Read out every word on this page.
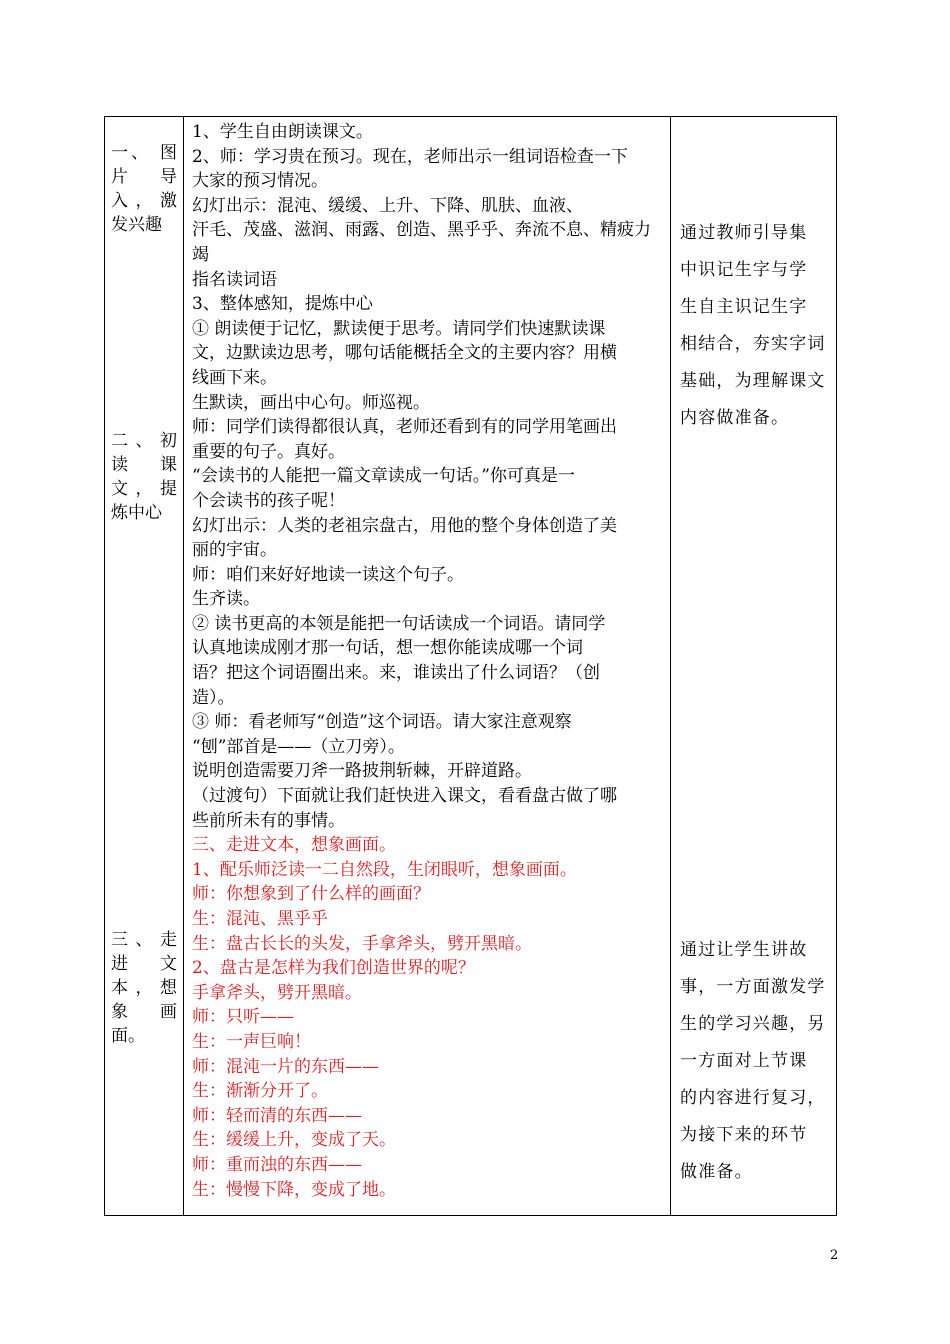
一、 图
片 导
入，激
发兴趣
二、初
读课
文，提
炼中心
三、走
进 文
本，想
象 画
面。
1、学生自由朗读课文。
2、师：学习贵在预习。现在，老师出示一组词语检查一下
大家的预习情况。
幻灯出示：混沌、缓缓、上升、下降、肌肤、血液、
汗毛、茂盛、滋润、雨露、创造、黑乎乎、奔流不息、精疲力
竭
指名读词语
3、整体感知，提炼中心
① 朗读便于记忆，默读便于思考。请同学们快速默读课
文，边默读边思考，哪句话能概括全文的主要内容？用横
线画下来。
生默读，画出中心句。师巡视。
师：同学们读得都很认真，老师还看到有的同学用笔画出
重要的句子。真好。
“会读书的人能把一篇文章读成一句话。”你可真是一
个会读书的孩子呢！
幻灯出示：人类的老祖宗盘古，用他的整个身体创造了美
丽的宇宙。
师：咱们来好好地读一读这个句子。
生齐读。
② 读书更高的本领是能把一句话读成一个词语。请同学
认真地读成刚才那一句话，想一想你能读成哪一个词
语？把这个词语圈出来。来，谁读出了什么词语？（创
造）。
③ 师：看老师写“创造”这个词语。请大家注意观察
“刨”部首是——（立刀旁）。
说明创造需要刀斧一路披荆斩棘，开辟道路。
（过渡句）下面就让我们赶快进入课文，看看盘古做了哪
些前所未有的事情。
三、走进文本，想象画面。
1、配乐师泛读一二自然段，生闭眼听，想象画面。
师：你想象到了什么样的画面？
生：混沌、黑乎乎
生：盘古长长的头发，手拿斧头，劈开黑暗。
2、盘古是怎样为我们创造世界的呢？
手拿斧头，劈开黑暗。
师：只听——
生：一声巨响！
师：混沌一片的东西——
生：渐渐分开了。
师：轻而清的东西——
生：缓缓上升，变成了天。
师：重而浊的东西——
生：慢慢下降，变成了地。
通过教师引导集
中识记生字与学
生自主识记生字
相结合，夯实字词
基础，为理解课文
内容做准备。
通过让学生讲故
事，一方面激发学
生的学习兴趣，另
一方面对上节课
的内容进行复习，
为接下来的环节
做准备。
2
